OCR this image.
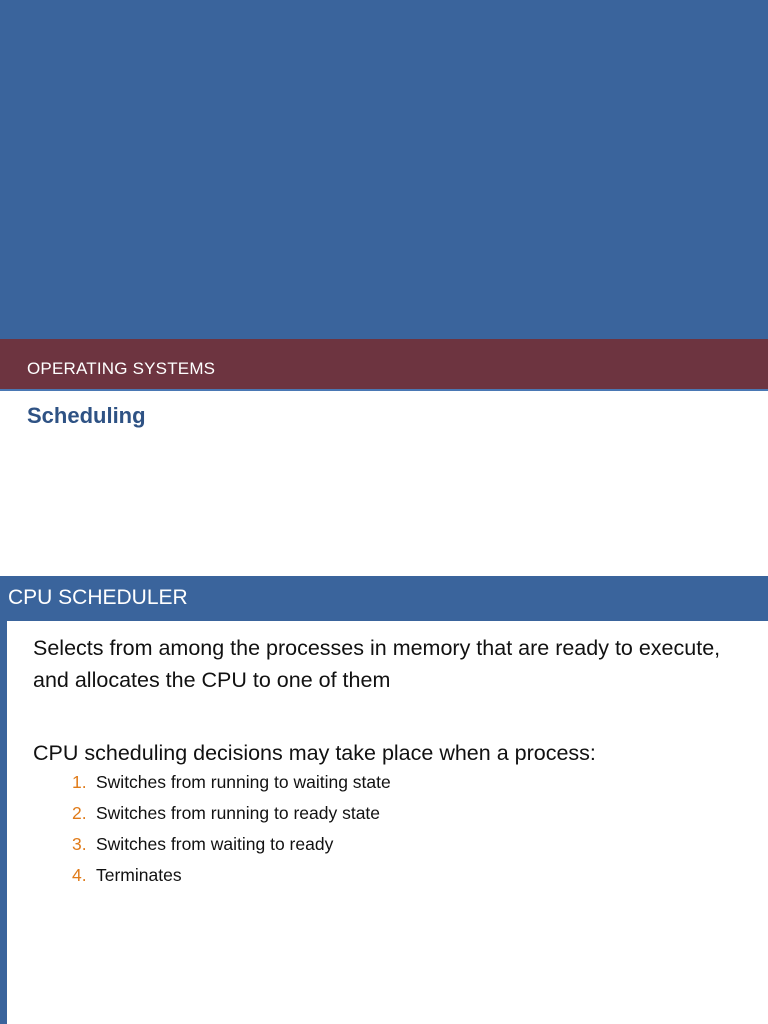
OPERATING SYSTEMS
Scheduling
CPU SCHEDULER
Selects from among the processes in memory that are ready to execute, and allocates the CPU to one of them
CPU scheduling decisions may take place when a process:
1. Switches from running to waiting state
2. Switches from running to ready state
3. Switches from waiting to ready
4. Terminates
